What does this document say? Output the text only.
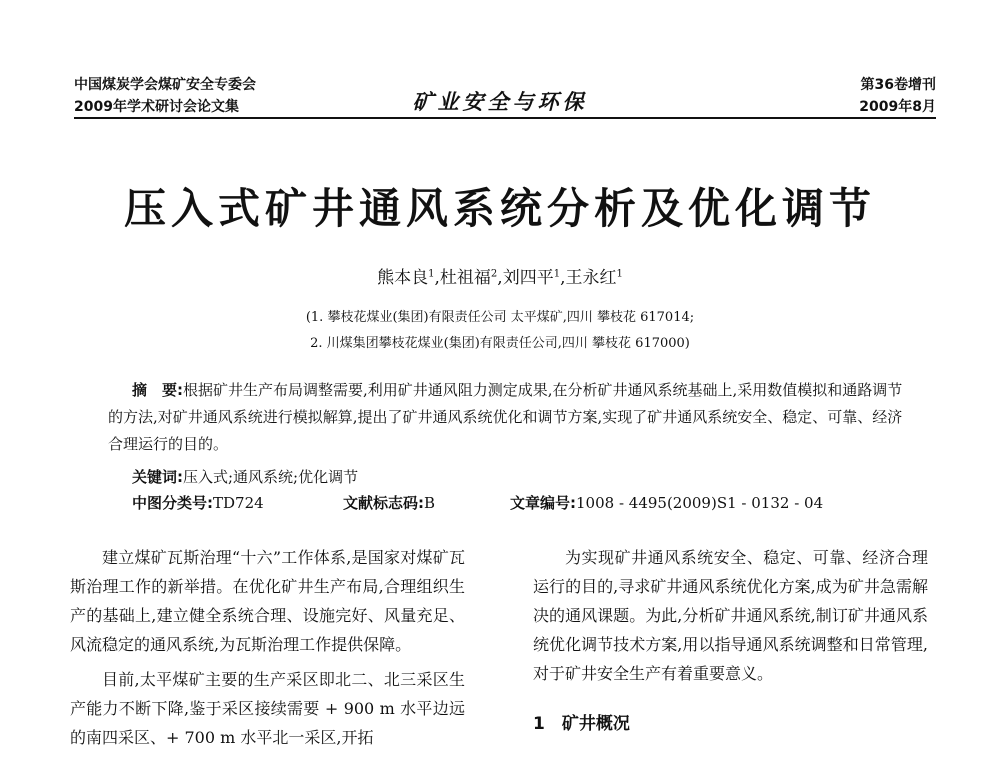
中国煤炭学会煤矿安全专委会
2009年学术研讨会论文集	矿业安全与环保
第36卷增刊
2009年8月
压入式矿井通风系统分析及优化调节
熊本良$^1$,杜祖福$^2$,刘四平$^1$,王永红$^1$
(1. 攀枝花煤业(集团)有限责任公司 太平煤矿,四川 攀枝花 617014;
2. 川煤集团攀枝花煤业(集团)有限责任公司,四川 攀枝花 617000)
摘　要:根据矿井生产布局调整需要,利用矿井通风阻力测定成果,在分析矿井通风系统基础上,采用数值模拟和通路调节的方法,对矿井通风系统进行模拟解算,提出了矿井通风系统优化和调节方案,实现了矿井通风系统安全、稳定、可靠、经济合理运行的目的。
关键词:压入式;通风系统;优化调节
中图分类号:TD724	文献标志码:B	文章编号:1008 - 4495(2009)S1 - 0132 - 04

建立煤矿瓦斯治理“十六”工作体系,是国家对煤矿瓦斯治理工作的新举措。在优化矿井生产布局,合理组织生产的基础上,建立健全系统合理、设施完好、风量充足、风流稳定的通风系统,为瓦斯治理工作提供保障。

目前,太平煤矿主要的生产采区即北二、北三采区生产能力不断下降,鉴于采区接续需要 + 900 m 水平边远的南四采区、+ 700 m 水平北一采区,开拓

为实现矿井通风系统安全、稳定、可靠、经济合理运行的目的,寻求矿井通风系统优化方案,成为矿井急需解决的通风课题。为此,分析矿井通风系统,制订矿井通风系统优化调节技术方案,用以指导通风系统调整和日常管理,对于矿井安全生产有着重要意义。

1　矿井概况
